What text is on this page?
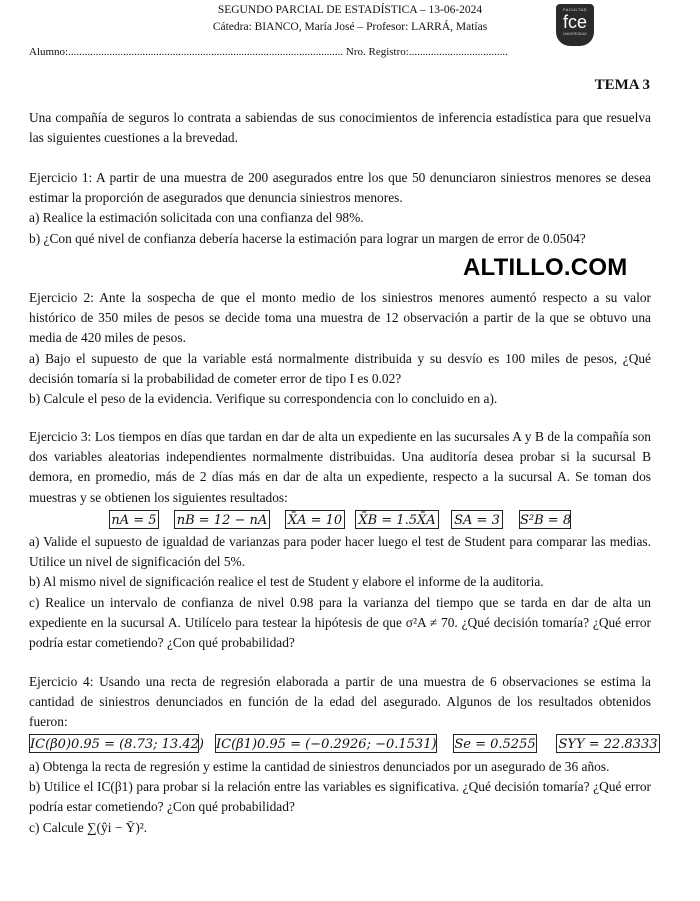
SEGUNDO PARCIAL DE ESTADÍSTICA – 13-06-2024
Cátedra: BIANCO, María José – Profesor: LARRÁ, Matías
FACULTAD
fce
UNIVERSIDAD
Alumno:.................................................................................................... Nro. Registro:....................................
TEMA 3

Una compañía de seguros lo contrata a sabiendas de sus conocimientos de inferencia estadística para que resuelva las siguientes cuestiones a la brevedad.

Ejercicio 1: A partir de una muestra de 200 asegurados entre los que 50 denunciaron siniestros menores se desea estimar la proporción de asegurados que denuncia siniestros menores.

a) Realice la estimación solicitada con una confianza del 98%.

b) ¿Con qué nivel de confianza debería hacerse la estimación para lograr un margen de error de 0.0504?

ALTILLO.COM

Ejercicio 2: Ante la sospecha de que el monto medio de los siniestros menores aumentó respecto a su valor histórico de 350 miles de pesos se decide toma una muestra de 12 observación a partir de la que se obtuvo una media de 420 miles de pesos.

a) Bajo el supuesto de que la variable está normalmente distribuida y su desvío es 100 miles de pesos, ¿Qué decisión tomaría si la probabilidad de cometer error de tipo I es 0.02?

b) Calcule el peso de la evidencia. Verifique su correspondencia con lo concluido en a).

Ejercicio 3: Los tiempos en días que tardan en dar de alta un expediente en las sucursales A y B de la compañía son dos variables aleatorias independientes normalmente distribuidas. Una auditoría desea probar si la sucursal B demora, en promedio, más de 2 días más en dar de alta un expediente, respecto a la sucursal A. Se toman dos muestras y se obtienen los siguientes resultados:

nA = 5 nB = 12 − nA X̄A = 10 X̄B = 1.5X̄A SA = 3 S²B = 8

a) Valide el supuesto de igualdad de varianzas para poder hacer luego el test de Student para comparar las medias. Utilice un nivel de significación del 5%.

b) Al mismo nivel de significación realice el test de Student y elabore el informe de la auditoria.

c) Realice un intervalo de confianza de nivel 0.98 para la varianza del tiempo que se tarda en dar de alta un expediente en la sucursal A. Utilícelo para testear la hipótesis de que σ²A ≠ 70. ¿Qué decisión tomaría? ¿Qué error podría estar cometiendo? ¿Con qué probabilidad?

Ejercicio 4: Usando una recta de regresión elaborada a partir de una muestra de 6 observaciones se estima la cantidad de siniestros denunciados en función de la edad del asegurado. Algunos de los resultados obtenidos fueron:

IC(β0)0.95 = (8.73; 13.42) IC(β1)0.95 = (−0.2926; −0.1531) Se = 0.5255 SYY = 22.8333

a) Obtenga la recta de regresión y estime la cantidad de siniestros denunciados por un asegurado de 36 años.

b) Utilice el IC(β1) para probar si la relación entre las variables es significativa. ¿Qué decisión tomaría? ¿Qué error podría estar cometiendo? ¿Con qué probabilidad?

c) Calcule ∑(ŷi − Ȳ)².
